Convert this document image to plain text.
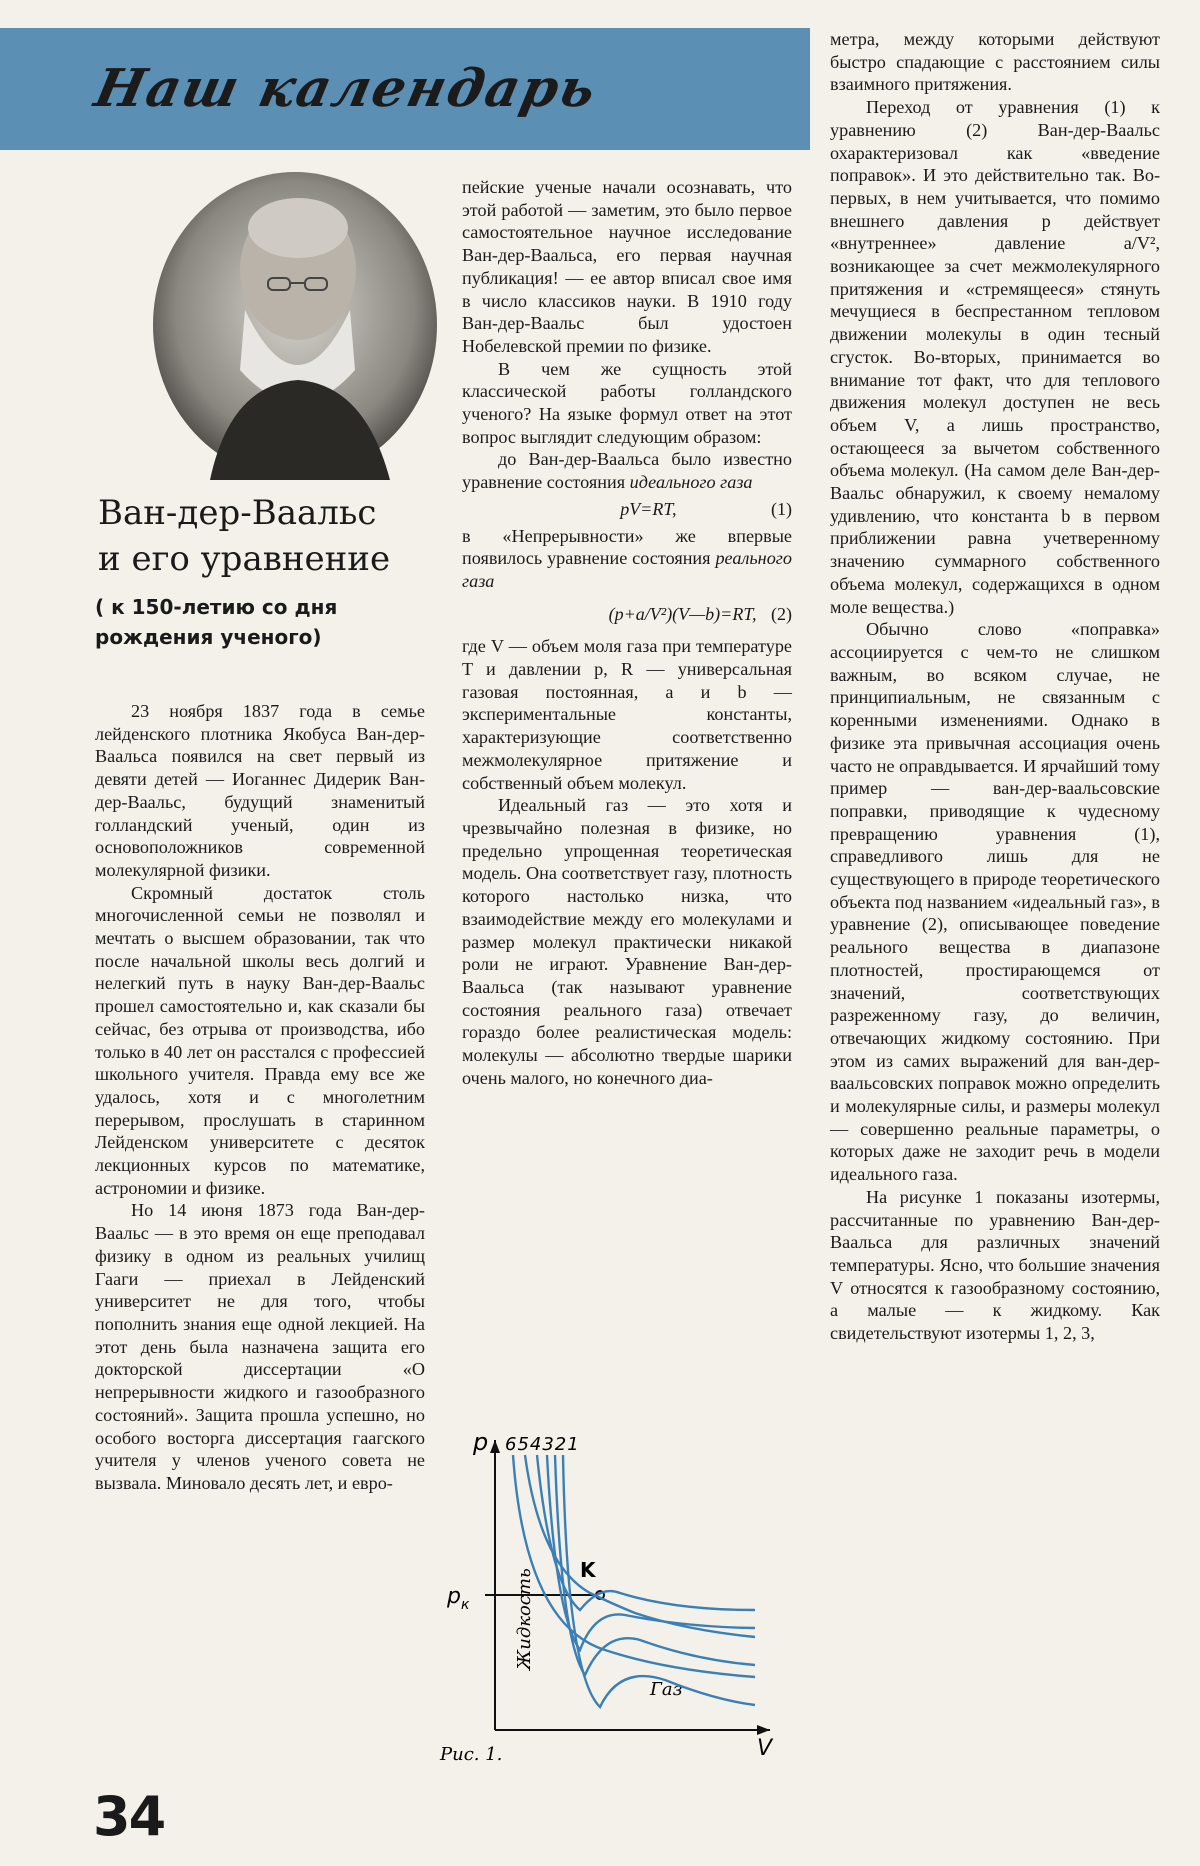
Наш календарь
Ван-дер-Ваальс
и его уравнение

( к 150-летию со дня рождения ученого)

23 ноября 1837 года в семье лейденского плотника Якобуса Ван-дер-Ваальса появился на свет первый из девяти детей — Иоганнес Дидерик Ван-дер-Ваальс, будущий знаменитый голландский ученый, один из основоположников современной молекулярной физики.

Скромный достаток столь многочисленной семьи не позволял и мечтать о высшем образовании, так что после начальной школы весь долгий и нелегкий путь в науку Ван-дер-Ваальс прошел самостоятельно и, как сказали бы сейчас, без отрыва от производства, ибо только в 40 лет он расстался с профессией школьного учителя. Правда ему все же удалось, хотя и с многолетним перерывом, прослушать в старинном Лейденском университете с десяток лекционных курсов по математике, астрономии и физике.

Но 14 июня 1873 года Ван-дер-Ваальс — в это время он еще преподавал физику в одном из реальных училищ Гааги — приехал в Лейденский университет не для того, чтобы пополнить знания еще одной лекцией. На этот день была назначена защита его докторской диссертации «О непрерывности жидкого и газообразного состояний». Защита прошла успешно, но особого восторга диссертация гаагского учителя у членов ученого совета не вызвала. Миновало десять лет, и евро-

пейские ученые начали осознавать, что этой работой — заметим, это было первое самостоятельное научное исследование Ван-дер-Ваальса, его первая научная публикация! — ее автор вписал свое имя в число классиков науки. В 1910 году Ван-дер-Ваальс был удостоен Нобелевской премии по физике.

В чем же сущность этой классической работы голландского ученого? На языке формул ответ на этот вопрос выглядит следующим образом:

до Ван-дер-Ваальса было известно уравнение состояния идеального газа

pV=RT,	(1)

в «Непрерывности» же впервые появилось уравнение состояния реального газа

(p+a/V²)(V—b)=RT, (2)

где V — объем моля газа при температуре T и давлении p, R — универсальная газовая постоянная, a и b — экспериментальные константы, характеризующие соответственно межмолекулярное притяжение и собственный объем молекул.

Идеальный газ — это хотя и чрезвычайно полезная в физике, но предельно упрощенная теоретическая модель. Она соответствует газу, плотность которого настолько низка, что взаимодействие между его молекулами и размер молекул практически никакой роли не играют. Уравнение Ван-дер-Ваальса (так называют уравнение состояния реального газа) отвечает гораздо более реалистическая модель: молекулы — абсолютно твердые шарики очень малого, но конечного диа-

метра, между которыми действуют быстро спадающие с расстоянием силы взаимного притяжения.

Переход от уравнения (1) к уравнению (2) Ван-дер-Ваальс охарактеризовал как «введение поправок». И это действительно так. Во-первых, в нем учитывается, что помимо внешнего давления p действует «внутреннее» давление a/V², возникающее за счет межмолекулярного притяжения и «стремящееся» стянуть мечущиеся в беспрестанном тепловом движении молекулы в один тесный сгусток. Во-вторых, принимается во внимание тот факт, что для теплового движения молекул доступен не весь объем V, а лишь пространство, остающееся за вычетом собственного объема молекул. (На самом деле Ван-дер-Ваальс обнаружил, к своему немалому удивлению, что константа b в первом приближении равна учетверенному значению суммарного собственного объема молекул, содержащихся в одном моле вещества.)

Обычно слово «поправка» ассоциируется с чем-то не слишком важным, во всяком случае, не принципиальным, не связанным с коренными изменениями. Однако в физике эта привычная ассоциация очень часто не оправдывается. И ярчайший тому пример — ван-дер-ваальсовские поправки, приводящие к чудесному превращению уравнения (1), справедливого лишь для не существующего в природе теоретического объекта под названием «идеальный газ», в уравнение (2), описывающее поведение реального вещества в диапазоне плотностей, простирающемся от значений, соответствующих разреженному газу, до величин, отвечающих жидкому состоянию. При этом из самих выражений для ван-дер-ваальсовских поправок можно определить и молекулярные силы, и размеры молекул — совершенно реальные параметры, о которых даже не заходит речь в модели идеального газа.

На рисунке 1 показаны изотермы, рассчитанные по уравнению Ван-дер-Ваальса для различных значений температуры. Ясно, что большие значения V относятся к газообразному состоянию, а малые — к жидкому. Как свидетельствуют изотермы 1, 2, 3,

p
V
654321
$p_к$
K
Жидкость
Газ
Рис. 1.
34
